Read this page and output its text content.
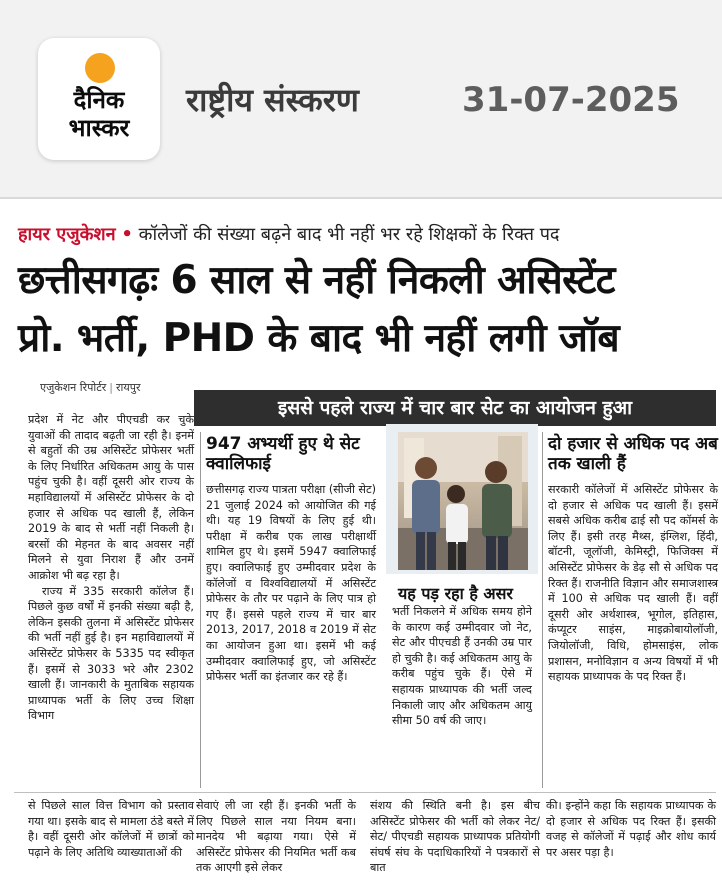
दैनिक
भास्कर
राष्ट्रीय संस्करण	31-07-2025
हायर एजुकेशन • कॉलेजों की संख्या बढ़ने बाद भी नहीं भर रहे शिक्षकों के रिक्त पद
छत्तीसगढ़ः 6 साल से नहीं निकली असिस्टेंट
प्रो. भर्ती, PHD के बाद भी नहीं लगी जॉब
एजुकेशन रिपोर्टर | रायपुर
इससे पहले राज्य में चार बार सेट का आयोजन हुआ

प्रदेश में नेट और पीएचडी कर चुके युवाओं की तादाद बढ़ती जा रही है। इनमें से बहुतों की उम्र असिस्टेंट प्रोफेसर भर्ती के लिए निर्धारित अधिकतम आयु के पास पहुंच चुकी है। वहीं दूसरी ओर राज्य के महाविद्यालयों में असिस्टेंट प्रोफेसर के दो हजार से अधिक पद खाली हैं, लेकिन 2019 के बाद से भर्ती नहीं निकली है। बरसों की मेहनत के बाद अवसर नहीं मिलने से युवा निराश हैं और उनमें आक्रोश भी बढ़ रहा है।

राज्य में 335 सरकारी कॉलेज हैं। पिछले कुछ वर्षों में इनकी संख्या बढ़ी है, लेकिन इसकी तुलना में असिस्टेंट प्रोफेसर की भर्ती नहीं हुई है। इन महाविद्यालयों में असिस्टेंट प्रोफेसर के 5335 पद स्वीकृत हैं। इसमें से 3033 भरे और 2302 खाली हैं। जानकारी के मुताबिक सहायक प्राध्यापक भर्ती के लिए उच्च शिक्षा विभाग

947 अभ्यर्थी हुए थे सेट क्वालिफाई

छत्तीसगढ़ राज्य पात्रता परीक्षा (सीजी सेट) 21 जुलाई 2024 को आयोजित की गई थी। यह 19 विषयों के लिए हुई थी। परीक्षा में करीब एक लाख परीक्षार्थी शामिल हुए थे। इसमें 5947 क्वालिफाई हुए। क्वालिफाई हुए उम्मीदवार प्रदेश के कॉलेजों व विश्वविद्यालयों में असिस्टेंट प्रोफेसर के तौर पर पढ़ाने के लिए पात्र हो गए हैं। इससे पहले राज्य में चार बार 2013, 2017, 2018 व 2019 में सेट का आयोजन हुआ था। इसमें भी कई उम्मीदवार क्वालिफाई हुए, जो असिस्टेंट प्रोफेसर भर्ती का इंतजार कर रहे हैं।

यह पड़ रहा है असर
भर्ती निकलने में अधिक समय होने के कारण कई उम्मीदवार जो नेट, सेट और पीएचडी हैं उनकी उम्र पार हो चुकी है। कई अधिकतम आयु के करीब पहुंच चुके हैं। ऐसे में सहायक प्राध्यापक की भर्ती जल्द निकाली जाए और अधिकतम आयु सीमा 50 वर्ष की जाए।
दो हजार से अधिक पद अब तक खाली हैं

सरकारी कॉलेजों में असिस्टेंट प्रोफेसर के दो हजार से अधिक पद खाली हैं। इसमें सबसे अधिक करीब ढाई सौ पद कॉमर्स के लिए हैं। इसी तरह मैथ्स, इंग्लिश, हिंदी, बॉटनी, जूलॉजी, केमिस्ट्री, फिजिक्स में असिस्टेंट प्रोफेसर के डेढ़ सौ से अधिक पद रिक्त हैं। राजनीति विज्ञान और समाजशास्त्र में 100 से अधिक पद खाली हैं। वहीं दूसरी ओर अर्थशास्त्र, भूगोल, इतिहास, कंप्यूटर साइंस, माइक्रोबायोलॉजी, जियोलॉजी, विधि, होमसाइंस, लोक प्रशासन, मनोविज्ञान व अन्य विषयों में भी सहायक प्राध्यापक के पद रिक्त हैं।

से पिछले साल वित्त विभाग को प्रस्ताव गया था। इसके बाद से मामला ठंडे बस्ते में है। वहीं दूसरी ओर कॉलेजों में छात्रों को पढ़ाने के लिए अतिथि व्याख्याताओं की
सेवाएं ली जा रही हैं। इनकी भर्ती के लिए पिछले साल नया नियम बना। मानदेय भी बढ़ाया गया। ऐसे में असिस्टेंट प्रोफेसर की नियमित भर्ती कब तक आएगी इसे लेकर
संशय की स्थिति बनी है। इस बीच असिस्टेंट प्रोफेसर की भर्ती को लेकर नेट/सेट/ पीएचडी सहायक प्राध्यापक प्रतियोगी संघर्ष संघ के पदाधिकारियों ने पत्रकारों से बात
की। इन्होंने कहा कि सहायक प्राध्यापक के दो हजार से अधिक पद रिक्त हैं। इसकी वजह से कॉलेजों में पढ़ाई और शोध कार्य पर असर पड़ा है।
